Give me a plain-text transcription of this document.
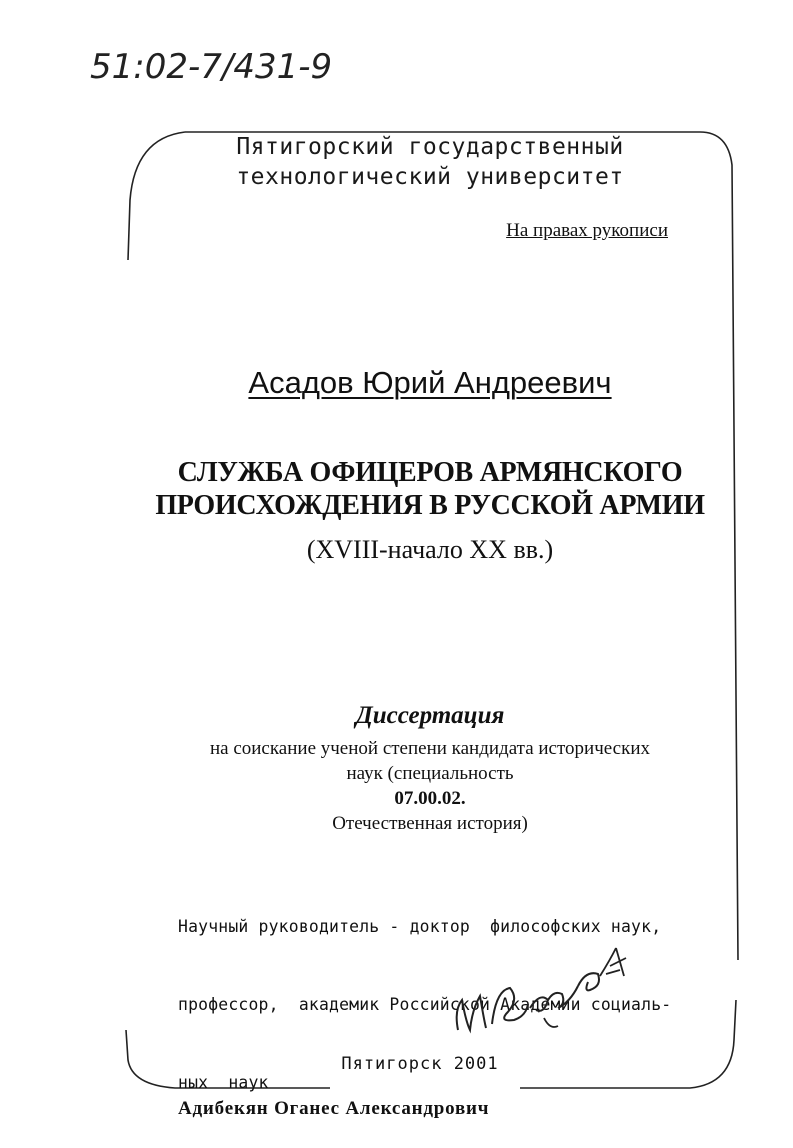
51:02-7/431-9

Пятигорский государственный
технологический университет

На правах рукописи

Асадов Юрий Андреевич

СЛУЖБА ОФИЦЕРОВ АРМЯНСКОГО
ПРОИСХОЖДЕНИЯ В РУССКОЙ АРМИИ

(XVIII-начало XX вв.)

Диссертация

на соискание ученой степени кандидата исторических
наук (специальность
07.00.02.
Отечественная история)

Научный руководитель - доктор  философских наук,

профессор,  академик Российской Академии социаль-

ных  наук
Адибекян Оганес Александрович

Пятигорск 2001
